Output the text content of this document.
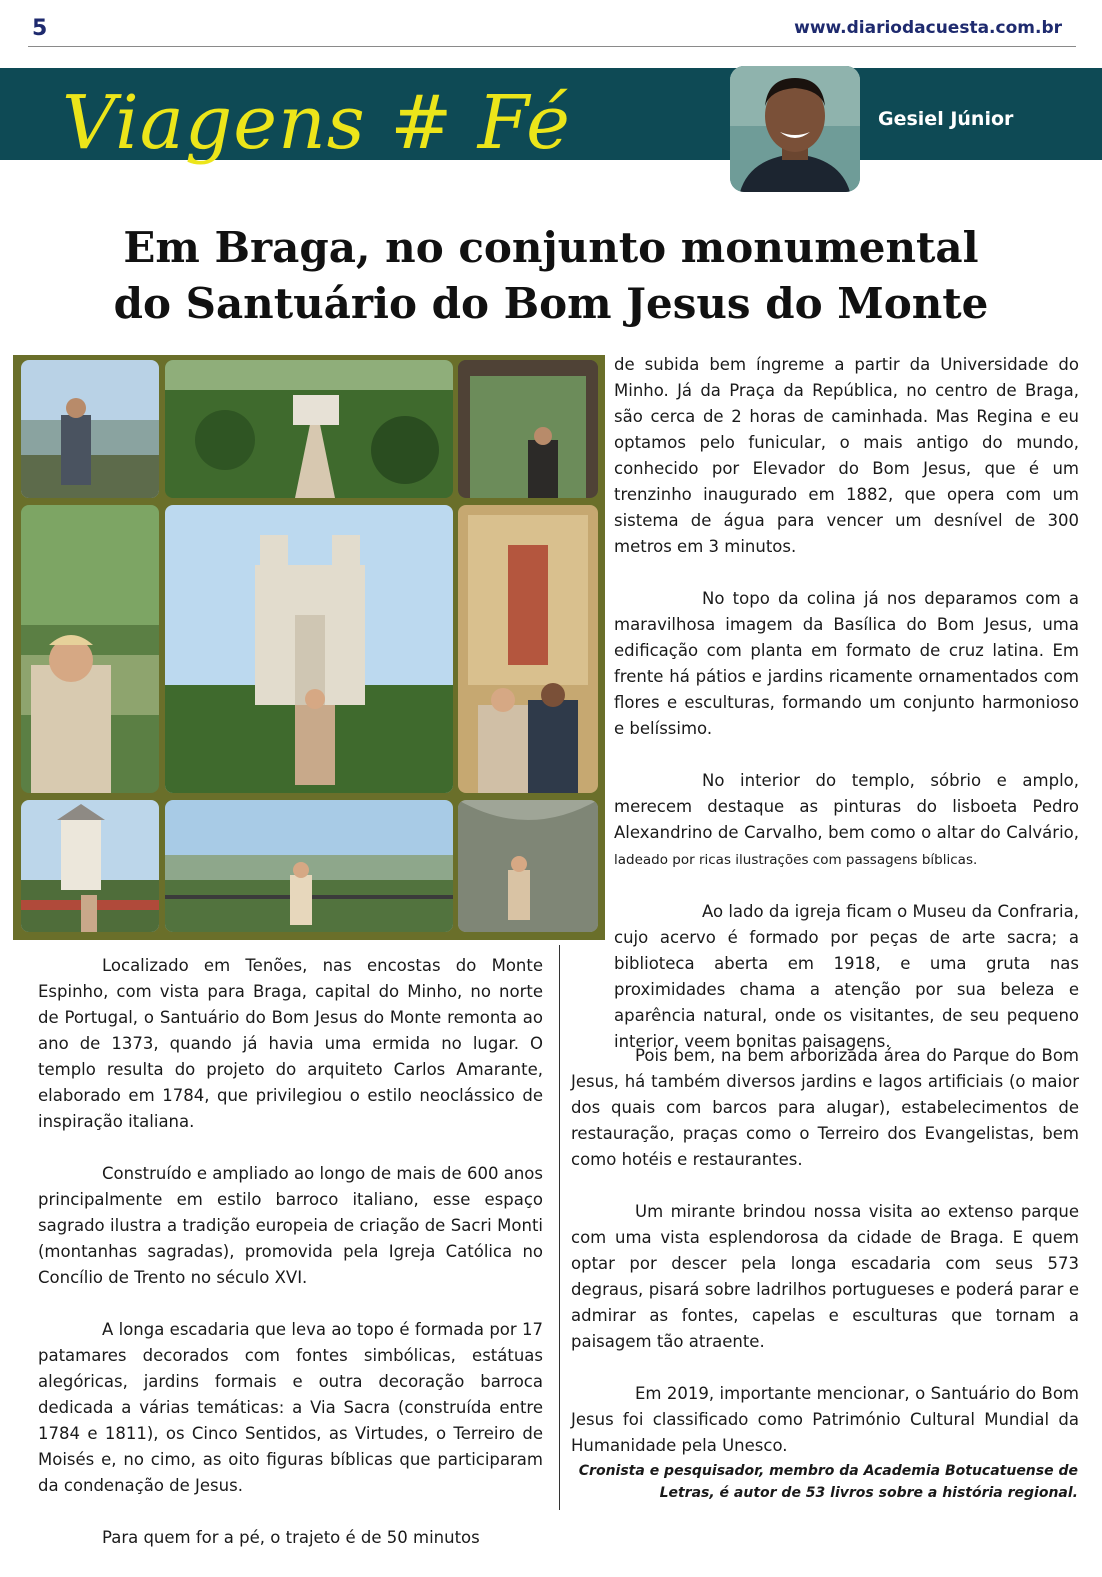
5	www.diariodacuesta.com.br
Viagens # Fé	Gesiel Júnior
Em Braga, no conjunto monumental
do Santuário do Bom Jesus do Monte

de subida bem íngreme a partir da Universidade do Minho. Já da Praça da República, no centro de Braga, são cerca de 2 horas de caminhada. Mas Regina e eu optamos pelo funicular, o mais antigo do mundo, conhecido por Elevador do Bom Jesus, que é um trenzinho inaugurado em 1882, que opera com um sistema de água para vencer um desnível de 300 metros em 3 minutos.

No topo da colina já nos deparamos com a maravilhosa imagem da Basílica do Bom Jesus, uma edificação com planta em formato de cruz latina. Em frente há pátios e jardins ricamente ornamentados com flores e esculturas, formando um conjunto harmonioso e belíssimo.

No interior do templo, sóbrio e amplo, merecem destaque as pinturas do lisboeta Pedro Alexandrino de Carvalho, bem como o altar do Calvário, ladeado por ricas ilustrações com passagens bíblicas.

Ao lado da igreja ficam o Museu da Confraria, cujo acervo é formado por peças de arte sacra; a biblioteca aberta em 1918, e uma gruta nas proximidades chama a atenção por sua beleza e aparência natural, onde os visitantes, de seu pequeno interior, veem bonitas paisagens.

Localizado em Tenões, nas encostas do Monte Espinho, com vista para Braga, capital do Minho, no norte de Portugal, o Santuário do Bom Jesus do Monte remonta ao ano de 1373, quando já havia uma ermida no lugar. O templo resulta do projeto do arquiteto Carlos Amarante, elaborado em 1784, que privilegiou o estilo neoclássico de inspiração italiana.

Construído e ampliado ao longo de mais de 600 anos principalmente em estilo barroco italiano, esse espaço sagrado ilustra a tradição europeia de criação de Sacri Monti (montanhas sagradas), promovida pela Igreja Católica no Concílio de Trento no século XVI.

A longa escadaria que leva ao topo é formada por 17 patamares decorados com fontes simbólicas, estátuas alegóricas, jardins formais e outra decoração barroca dedicada a várias temáticas: a Via Sacra (construída entre 1784 e 1811), os Cinco Sentidos, as Virtudes, o Terreiro de Moisés e, no cimo, as oito figuras bíblicas que participaram da condenação de Jesus.

Para quem for a pé, o trajeto é de 50 minutos

Pois bem, na bem arborizada área do Parque do Bom Jesus, há também diversos jardins e lagos artificiais (o maior dos quais com barcos para alugar), estabelecimentos de restauração, praças como o Terreiro dos Evangelistas, bem como hotéis e restaurantes.

Um mirante brindou nossa visita ao extenso parque com uma vista esplendorosa da cidade de Braga. E quem optar por descer pela longa escadaria com seus 573 degraus, pisará sobre ladrilhos portugueses e poderá parar e admirar as fontes, capelas e esculturas que tornam a paisagem tão atraente.

Em 2019, importante mencionar, o Santuário do Bom Jesus foi classificado como Património Cultural Mundial da Humanidade pela Unesco.

Cronista e pesquisador, membro da Academia Botucatuense de Letras, é autor de 53 livros sobre a história regional.
